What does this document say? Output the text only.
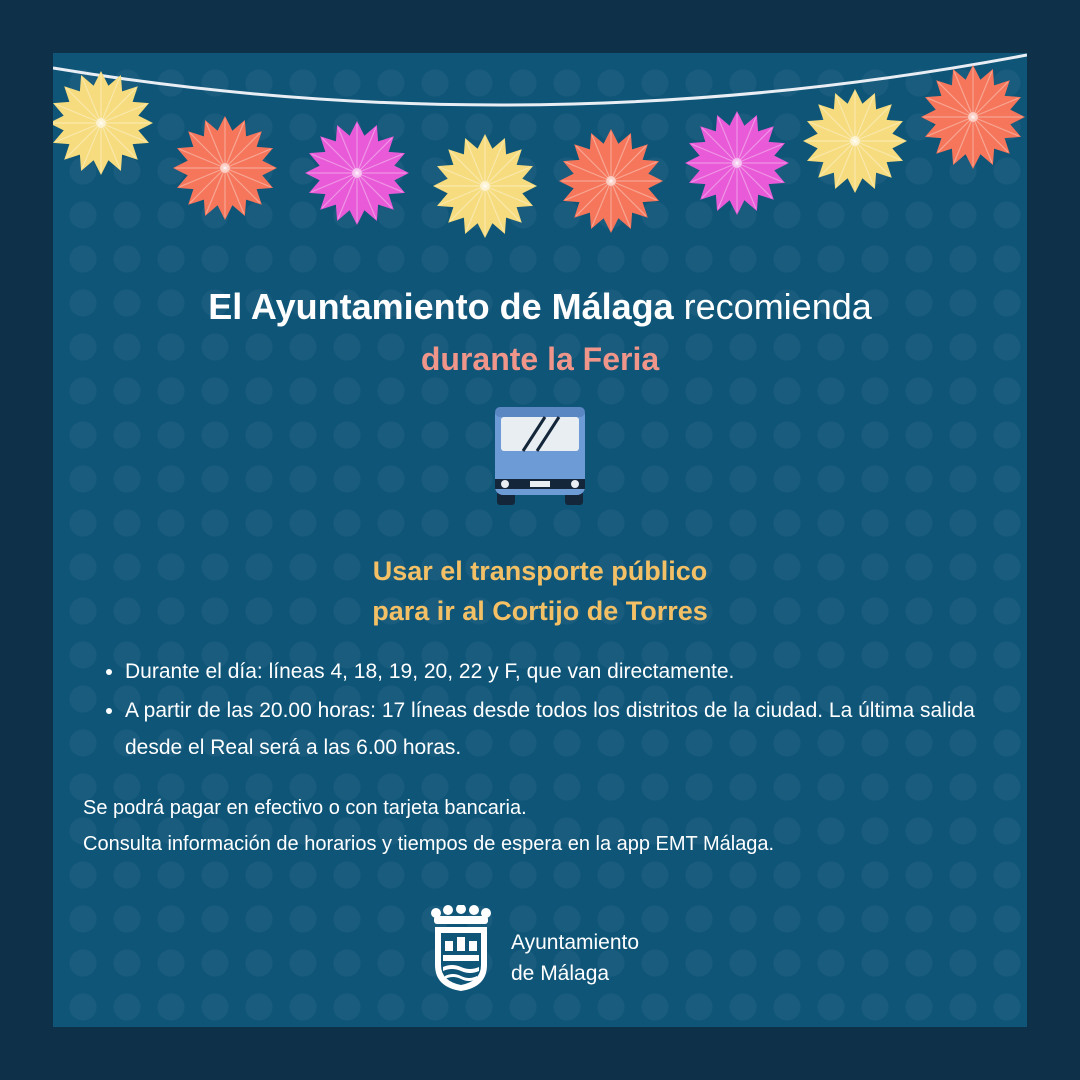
El Ayuntamiento de Málaga recomienda
durante la Feria
Usar el transporte público
para ir al Cortijo de Torres
• Durante el día: líneas 4, 18, 19, 20, 22 y F, que van directamente.
• A partir de las 20.00 horas: 17 líneas desde todos los distritos de la ciudad. La última salida desde el Real será a las 6.00 horas.
Se podrá pagar en efectivo o con tarjeta bancaria.
Consulta información de horarios y tiempos de espera en la app EMT Málaga.
Ayuntamiento
de Málaga
